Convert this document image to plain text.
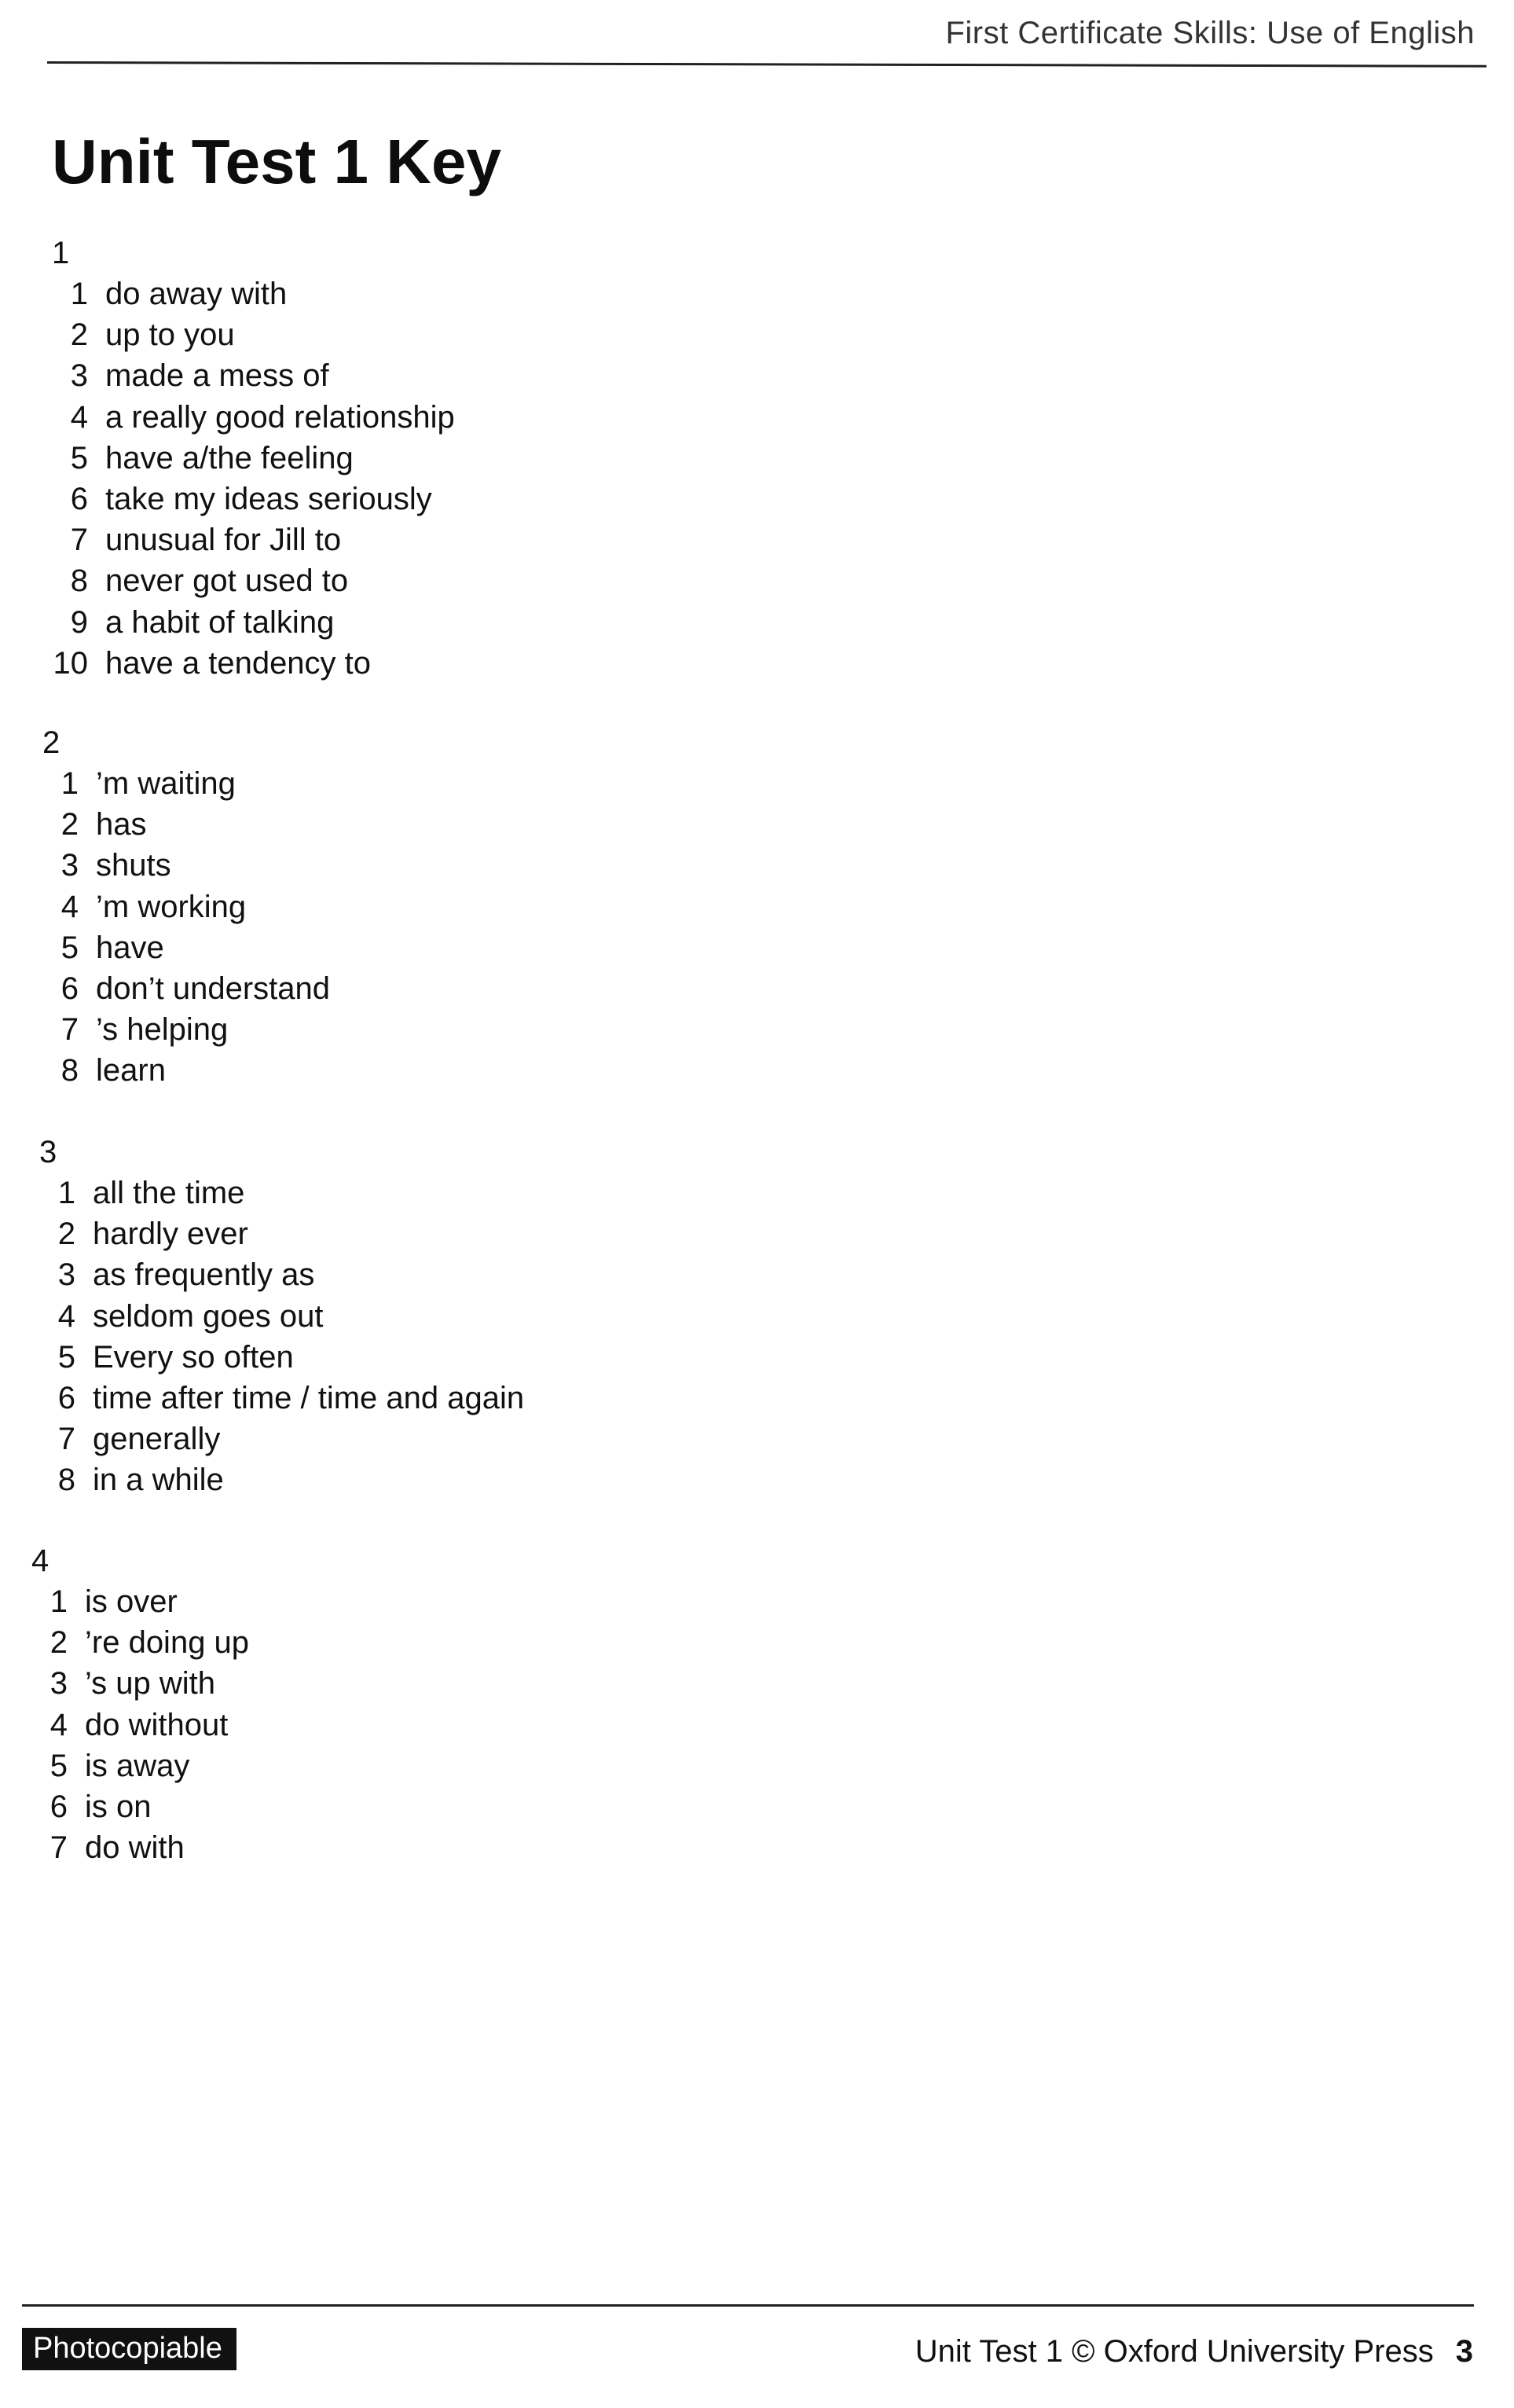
First Certificate Skills: Use of English
Unit Test 1 Key
1
1 do away with
2 up to you
3 made a mess of
4 a really good relationship
5 have a/the feeling
6 take my ideas seriously
7 unusual for Jill to
8 never got used to
9 a habit of talking
10 have a tendency to
2
1 ’m waiting
2 has
3 shuts
4 ’m working
5 have
6 don’t understand
7 ’s helping
8 learn
3
1 all the time
2 hardly ever
3 as frequently as
4 seldom goes out
5 Every so often
6 time after time / time and again
7 generally
8 in a while
4
1 is over
2 ’re doing up
3 ’s up with
4 do without
5 is away
6 is on
7 do with
Photocopiable	Unit Test 1 © Oxford University Press 3
